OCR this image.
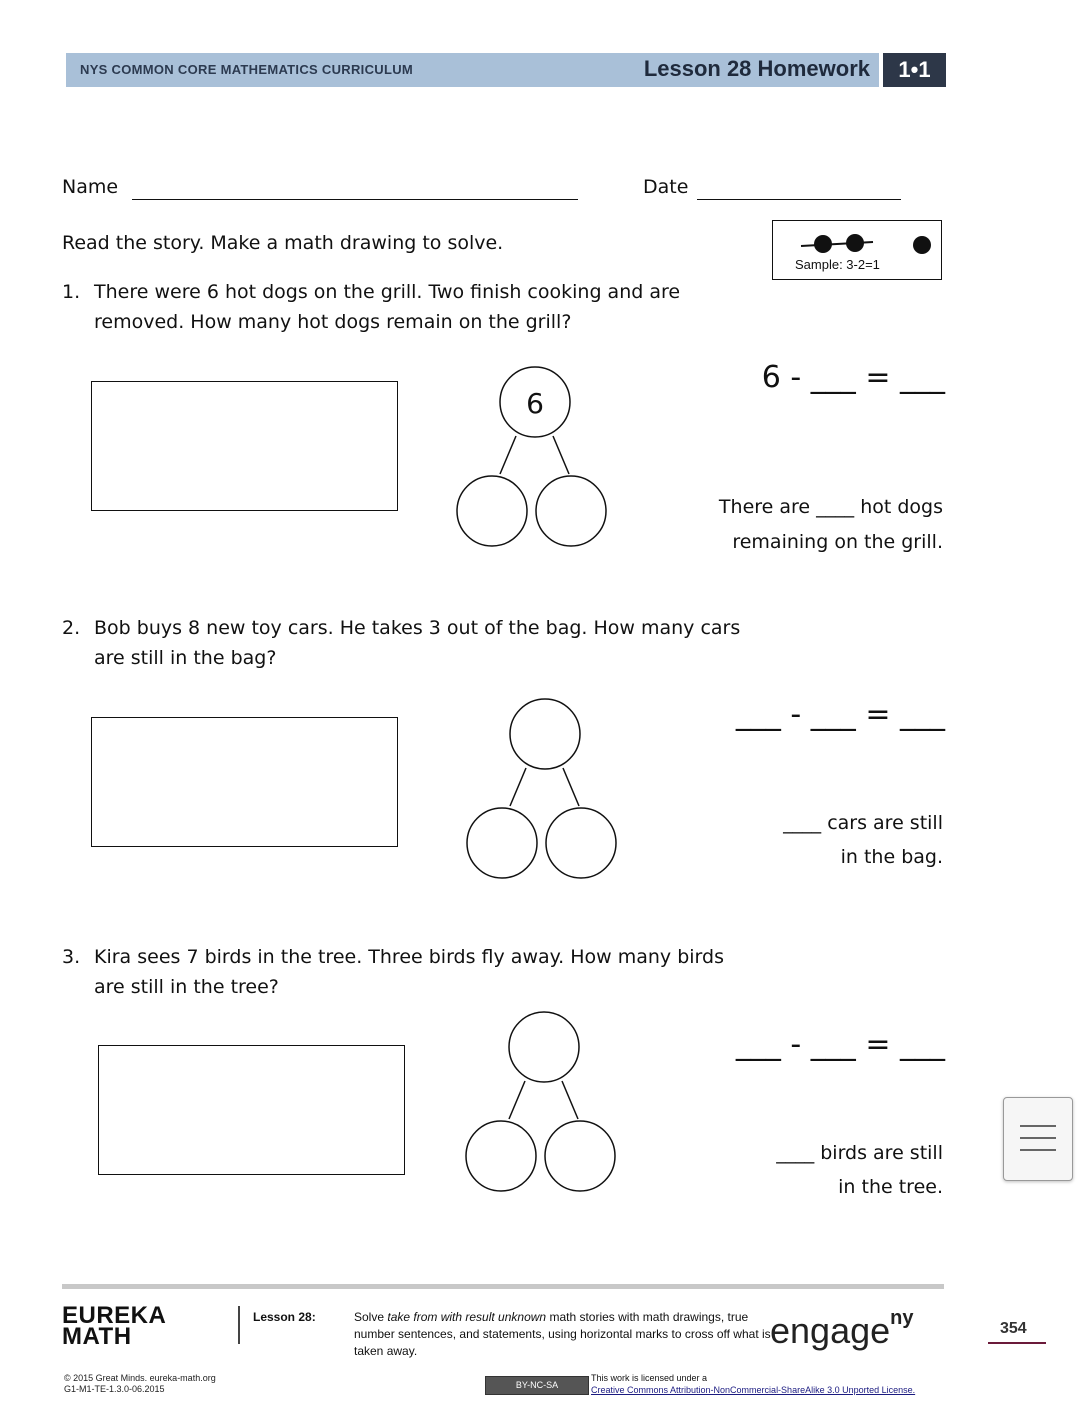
NYS COMMON CORE MATHEMATICS CURRICULUM	Lesson 28 Homework	1•1
Name	Date
Read the story. Make a math drawing to solve.
Sample: 3-2=1
1. There were 6 hot dogs on the grill. Two finish cooking and are
removed. How many hot dogs remain on the grill?
6
6 - ___ = ___
There are ____ hot dogs
remaining on the grill.
2. Bob buys 8 new toy cars. He takes 3 out of the bag. How many cars
are still in the bag?
___ - ___ = ___
____ cars are still
in the bag.
3. Kira sees 7 birds in the tree. Three birds fly away. How many birds
are still in the tree?
___ - ___ = ___
____ birds are still
in the tree.
EUREKA
MATH
Lesson 28:	Solve take from with result unknown math stories with math drawings, true number sentences, and statements, using horizontal marks to cross off what is taken away.	engage$^{ny}$	354
© 2015 Great Minds. eureka-math.org
G1-M1-TE-1.3.0-06.2015	BY-NC-SA
This work is licensed under a
Creative Commons Attribution-NonCommercial-ShareAlike 3.0 Unported License.
